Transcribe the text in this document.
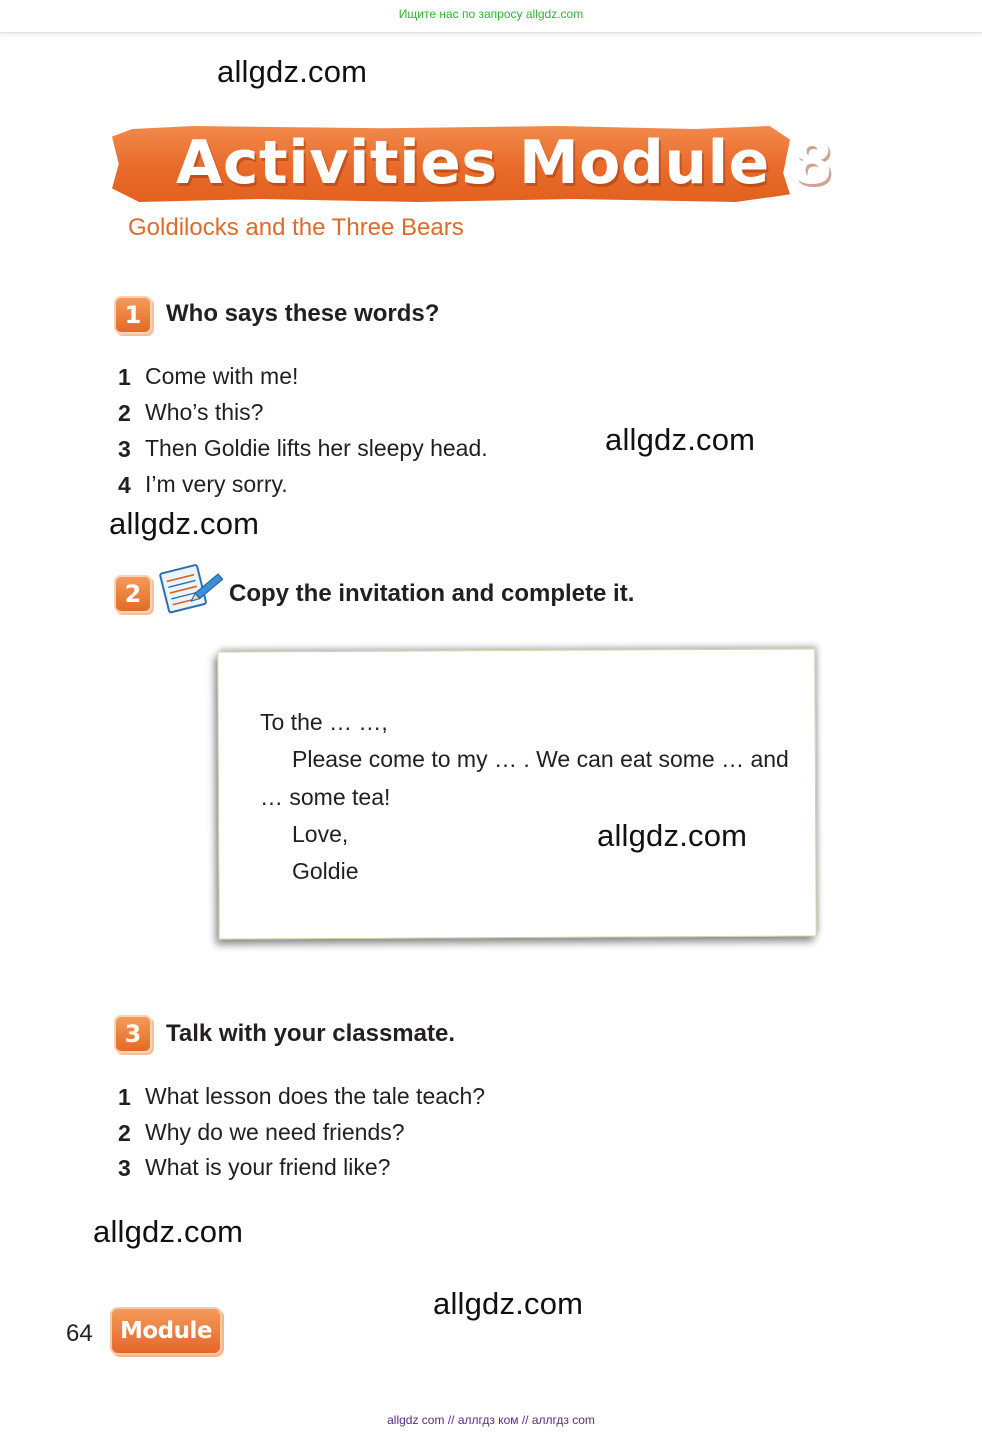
Ищите нас по запросу allgdz.com
allgdz.com
Activities Module 8
Goldilocks and the Three Bears
1	Who says these words?
1 Come with me!
2 Who’s this?
3 Then Goldie lifts her sleepy head.
4 I’m very sorry.
allgdz.com
allgdz.com
2	Copy the invitation and complete it.
To the … …,
Please come to my … . We can eat some … and
… some tea!
Love,
Goldie
allgdz.com
3	Talk with your classmate.
1 What lesson does the tale teach?
2 Why do we need friends?
3 What is your friend like?
allgdz.com
allgdz.com
64	Module 8
allgdz com // аллгдз ком // аллгдз com
